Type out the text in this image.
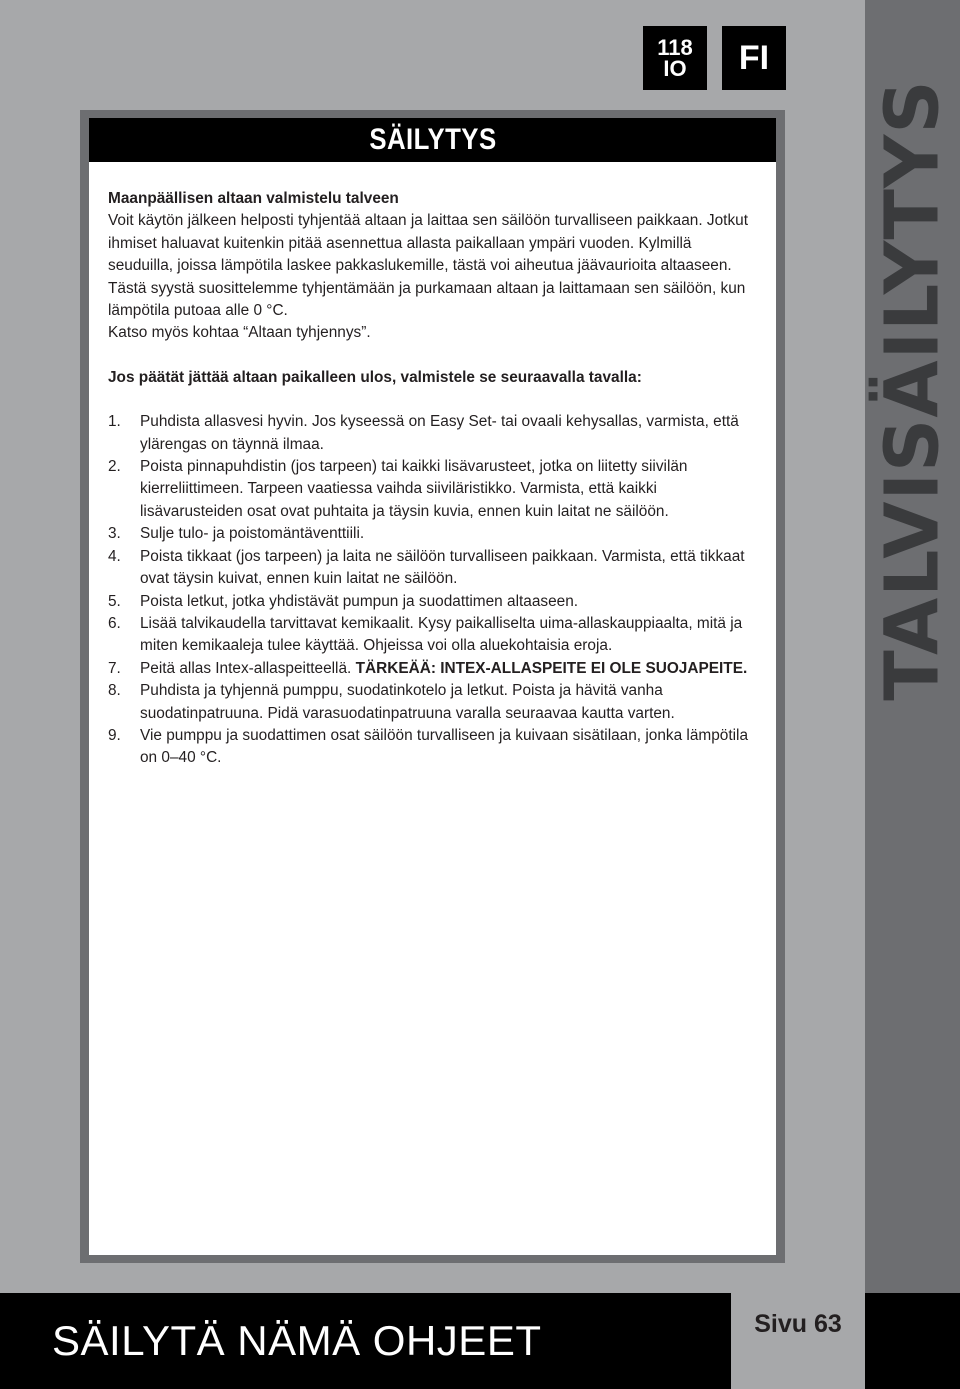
TALVISÄILYTYS
118
IO FI
SÄILYTYS

Maanpäällisen altaan valmistelu talveen

Voit käytön jälkeen helposti tyhjentää altaan ja laittaa sen säilöön turvalliseen paikkaan. Jotkut ihmiset haluavat kuitenkin pitää asennettua allasta paikallaan ympäri vuoden. Kylmillä seuduilla, joissa lämpötila laskee pakkaslukemille, tästä voi aiheutua jäävaurioita altaaseen. Tästä syystä suosittelemme tyhjentämään ja purkamaan altaan ja laittamaan sen säilöön, kun lämpötila putoaa alle 0 °C.

Katso myös kohtaa “Altaan tyhjennys”.

Jos päätät jättää altaan paikalleen ulos, valmistele se seuraavalla tavalla:

1. Puhdista allasvesi hyvin. Jos kyseessä on Easy Set- tai ovaali kehysallas, varmista, että ylärengas on täynnä ilmaa.
2. Poista pinnapuhdistin (jos tarpeen) tai kaikki lisävarusteet, jotka on liitetty siivilän kierreliittimeen. Tarpeen vaatiessa vaihda siiviläristikko. Varmista, että kaikki lisävarusteiden osat ovat puhtaita ja täysin kuvia, ennen kuin laitat ne säilöön.
3. Sulje tulo- ja poistomäntäventtiili.
4. Poista tikkaat (jos tarpeen) ja laita ne säilöön turvalliseen paikkaan. Varmista, että tikkaat ovat täysin kuivat, ennen kuin laitat ne säilöön.
5. Poista letkut, jotka yhdistävät pumpun ja suodattimen altaaseen.
6. Lisää talvikaudella tarvittavat kemikaalit. Kysy paikalliselta uima-allaskauppiaalta, mitä ja miten kemikaaleja tulee käyttää. Ohjeissa voi olla aluekohtaisia eroja.
7. Peitä allas Intex-allaspeitteellä. TÄRKEÄÄ: INTEX-ALLASPEITE EI OLE SUOJAPEITE.
8. Puhdista ja tyhjennä pumppu, suodatinkotelo ja letkut. Poista ja hävitä vanha suodatinpatruuna. Pidä varasuodatinpatruuna varalla seuraavaa kautta varten.
9. Vie pumppu ja suodattimen osat säilöön turvalliseen ja kuivaan sisätilaan, jonka lämpötila on 0–40 °C.
SÄILYTÄ NÄMÄ OHJEET	Sivu 63
